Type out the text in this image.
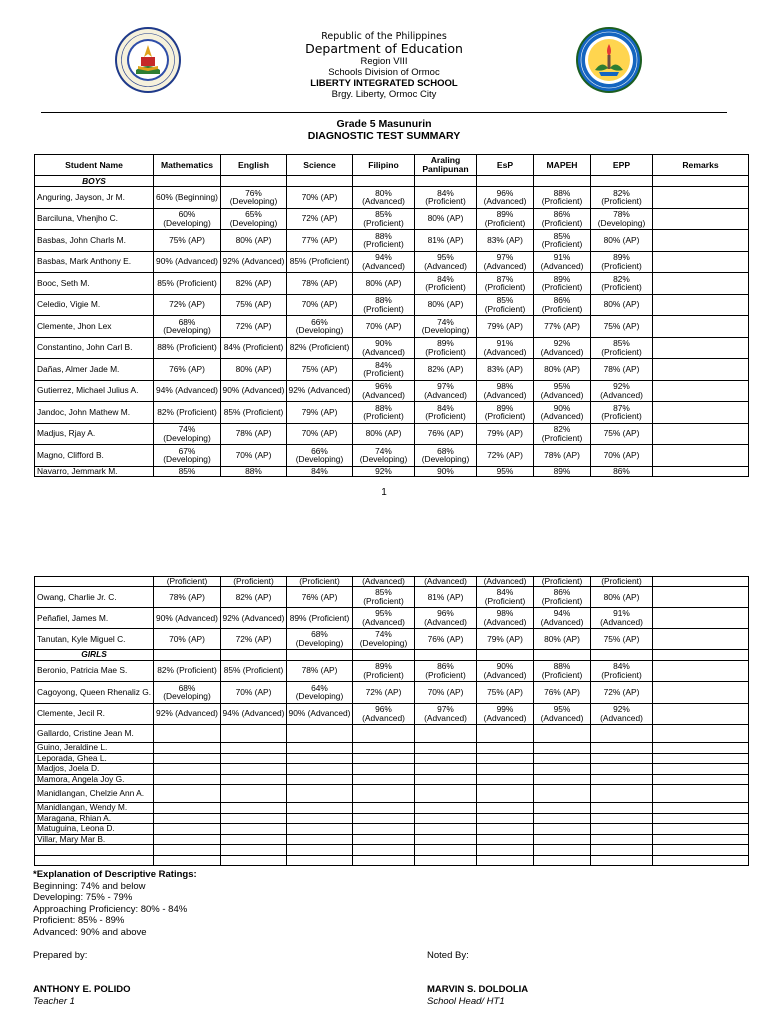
Republic of the Philippines
Department of Education
Region VIII
Schools Division of Ormoc
LIBERTY INTEGRATED SCHOOL
Brgy. Liberty, Ormoc City
Grade 5 Masunurin
DIAGNOSTIC TEST SUMMARY
Student Name	Mathematics	English	Science	Filipino	Araling Panlipunan	EsP	MAPEH	EPP	Remarks
BOYS									
Anguring, Jayson, Jr M.	60% (Beginning)	76% (Developing)	70% (AP)	80% (Advanced)	84% (Proficient)	96% (Advanced)	88% (Proficient)	82% (Proficient)	
Barciluna, Vhenjho C.	60% (Developing)	65% (Developing)	72% (AP)	85% (Proficient)	80% (AP)	89% (Proficient)	86% (Proficient)	78% (Developing)	
Basbas, John Charls M.	75% (AP)	80% (AP)	77% (AP)	88% (Proficient)	81% (AP)	83% (AP)	85% (Proficient)	80% (AP)	
Basbas, Mark Anthony E.	90% (Advanced)	92% (Advanced)	85% (Proficient)	94% (Advanced)	95% (Advanced)	97% (Advanced)	91% (Advanced)	89% (Proficient)	
Booc, Seth M.	85% (Proficient)	82% (AP)	78% (AP)	80% (AP)	84% (Proficient)	87% (Proficient)	89% (Proficient)	82% (Proficient)	
Celedio, Vigie M.	72% (AP)	75% (AP)	70% (AP)	88% (Proficient)	80% (AP)	85% (Proficient)	86% (Proficient)	80% (AP)	
Clemente, Jhon Lex	68% (Developing)	72% (AP)	66% (Developing)	70% (AP)	74% (Developing)	79% (AP)	77% (AP)	75% (AP)	
Constantino, John Carl B.	88% (Proficient)	84% (Proficient)	82% (Proficient)	90% (Advanced)	89% (Proficient)	91% (Advanced)	92% (Advanced)	85% (Proficient)	
Dañas, Almer Jade M.	76% (AP)	80% (AP)	75% (AP)	84% (Proficient)	82% (AP)	83% (AP)	80% (AP)	78% (AP)	
Gutierrez, Michael Julius A.	94% (Advanced)	90% (Advanced)	92% (Advanced)	96% (Advanced)	97% (Advanced)	98% (Advanced)	95% (Advanced)	92% (Advanced)	
Jandoc, John Mathew M.	82% (Proficient)	85% (Proficient)	79% (AP)	88% (Proficient)	84% (Proficient)	89% (Proficient)	90% (Advanced)	87% (Proficient)	
Madjus, Rjay A.	74% (Developing)	78% (AP)	70% (AP)	80% (AP)	76% (AP)	79% (AP)	82% (Proficient)	75% (AP)	
Magno, Clifford B.	67% (Developing)	70% (AP)	66% (Developing)	74% (Developing)	68% (Developing)	72% (AP)	78% (AP)	70% (AP)	
Navarro, Jemmark M.	85%	88%	84%	92%	90%	95%	89%	86%	
1
	(Proficient)	(Proficient)	(Proficient)	(Advanced)	(Advanced)	(Advanced)	(Proficient)	(Proficient)	
Owang, Charlie Jr. C.	78% (AP)	82% (AP)	76% (AP)	85% (Proficient)	81% (AP)	84% (Proficient)	86% (Proficient)	80% (AP)	
Peñafiel, James M.	90% (Advanced)	92% (Advanced)	89% (Proficient)	95% (Advanced)	96% (Advanced)	98% (Advanced)	94% (Advanced)	91% (Advanced)	
Tanutan, Kyle Miguel C.	70% (AP)	72% (AP)	68% (Developing)	74% (Developing)	76% (AP)	79% (AP)	80% (AP)	75% (AP)	
GIRLS									
Beronio, Patricia Mae S.	82% (Proficient)	85% (Proficient)	78% (AP)	89% (Proficient)	86% (Proficient)	90% (Advanced)	88% (Proficient)	84% (Proficient)	
Cagoyong, Queen Rhenaliz G.	68% (Developing)	70% (AP)	64% (Developing)	72% (AP)	70% (AP)	75% (AP)	76% (AP)	72% (AP)	
Clemente, Jecil R.	92% (Advanced)	94% (Advanced)	90% (Advanced)	96% (Advanced)	97% (Advanced)	99% (Advanced)	95% (Advanced)	92% (Advanced)	
Gallardo, Cristine Jean M.									
Guino, Jeraldine L.									
Leporada, Ghea L.									
Madjos, Joela D.									
Mamora, Angela Joy G.									
Manidlangan, Chelzie Ann A.									
Manidlangan, Wendy M.									
Maragana, Rhian A.									
Matuguina, Leona D.									
Villar, Mary Mar B.									

*Explanation of Descriptive Ratings:
Beginning: 74% and below
Developing: 75% - 79%
Approaching Proficiency: 80% - 84%
Proficient: 85% - 89%
Advanced: 90% and above
Prepared by:	Noted By:
ANTHONY E. POLIDO	MARVIN S. DOLDOLIA
Teacher 1	School Head/ HT1
